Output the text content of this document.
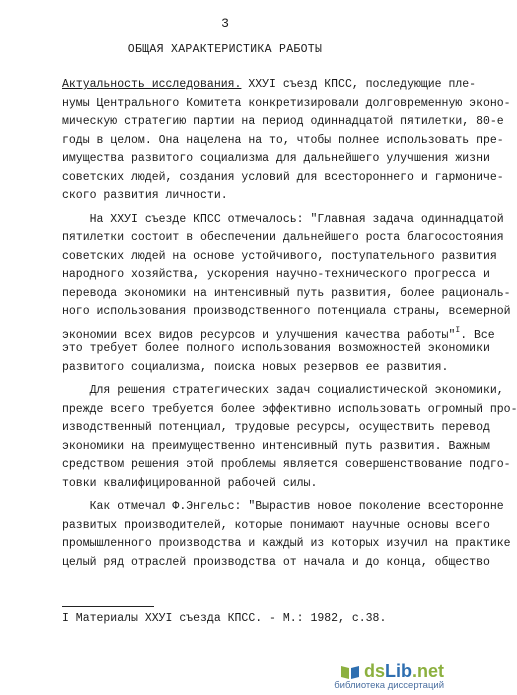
3
ОБЩАЯ ХАРАКТЕРИСТИКА РАБОТЫ
Актуальность исследования. ХХУI съезд КПСС, последующие пле-
нумы Центрального Комитета конкретизировали долговременную эконо-
мическую стратегию партии на период одиннадцатой пятилетки, 80-е
годы в целом. Она нацелена на то, чтобы полнее использовать пре-
имущества развитого социализма для дальнейшего улучшения жизни
советских людей, создания условий для всестороннего и гармониче-
ского развития личности.
На ХХУI съезде КПСС отмечалось: "Главная задача одиннадцатой
пятилетки состоит в обеспечении дальнейшего роста благосостояния
советских людей на основе устойчивого, поступательного развития
народного хозяйства, ускорения научно-технического прогресса и
перевода экономики на интенсивный путь развития, более рациональ-
ного использования производственного потенциала страны, всемерной
экономии всех видов ресурсов и улучшения качества работы"$^I$. Все
это требует более полного использования возможностей экономики
развитого социализма, поиска новых резервов ее развития.
Для решения стратегических задач социалистической экономики,
прежде всего требуется более эффективно использовать огромный про-
изводственный потенциал, трудовые ресурсы, осуществить перевод
экономики на преимущественно интенсивный путь развития. Важным
средством решения этой проблемы является совершенствование подго-
товки квалифицированной рабочей силы.
Как отмечал Ф.Энгельс: "Вырастив новое поколение всесторонне
развитых производителей, которые понимают научные основы всего
промышленного производства и каждый из которых изучил на практике
целый ряд отраслей производства от начала и до конца, общество
I Материалы ХХУI съезда КПСС. - М.: 1982, с.38.
dsLib.net
библиотека диссертаций
